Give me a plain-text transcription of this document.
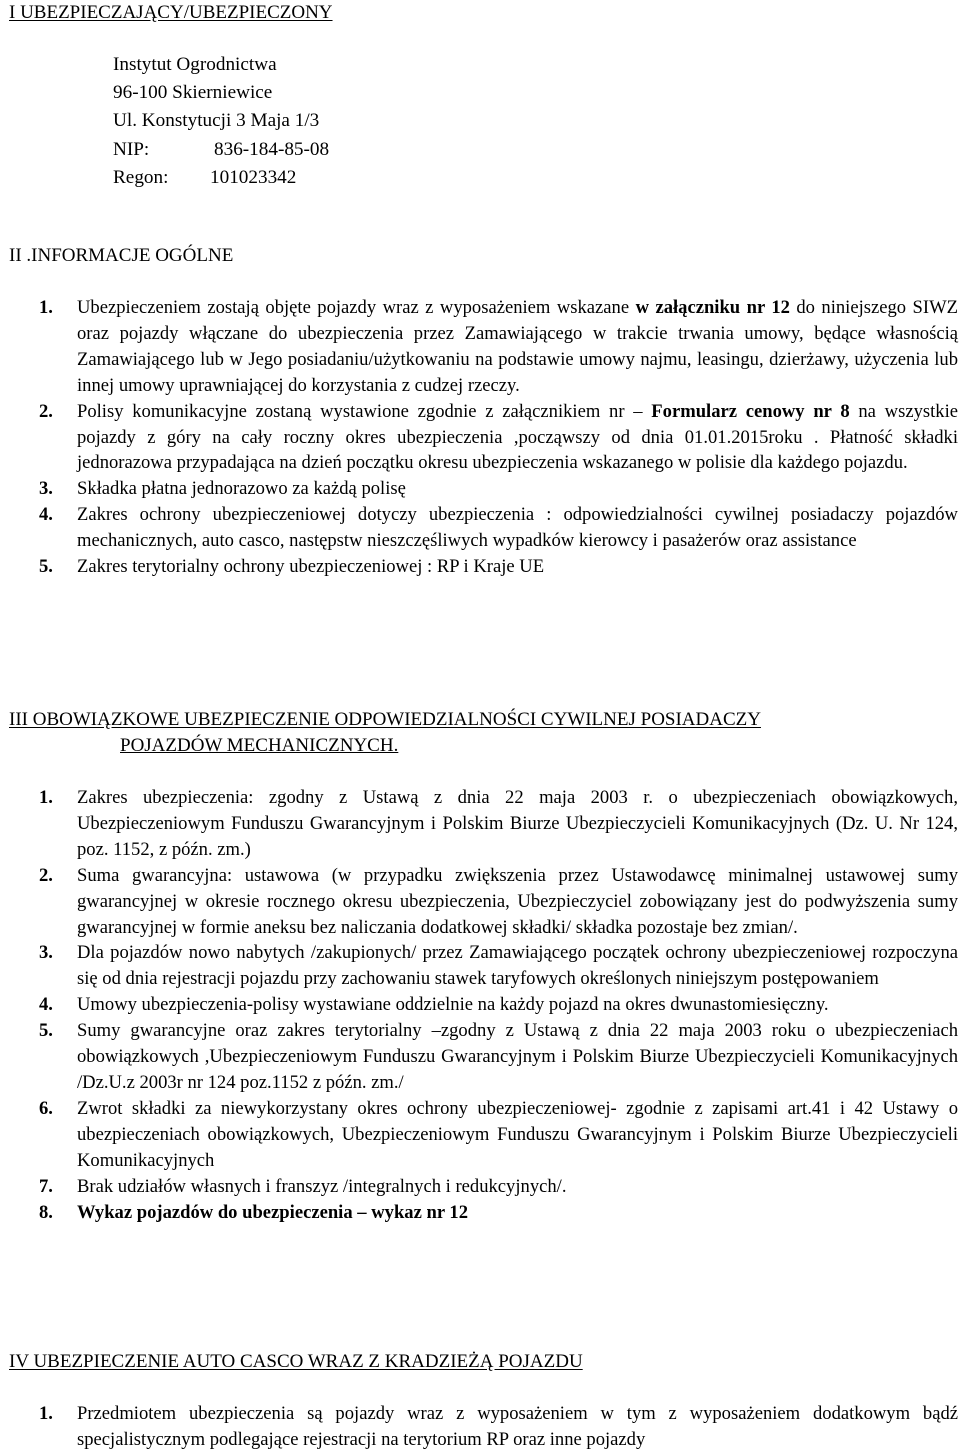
I UBEZPIECZAJĄCY/UBEZPIECZONY
Instytut Ogrodnictwa
96-100 Skierniewice
Ul. Konstytucji 3 Maja 1/3
NIP:	836-184-85-08
Regon: 101023342
II .INFORMACJE OGÓLNE
1. Ubezpieczeniem zostają objęte pojazdy wraz z wyposażeniem wskazane w załączniku nr 12 do niniejszego SIWZ oraz pojazdy włączane do ubezpieczenia przez Zamawiającego w trakcie trwania umowy, będące własnością Zamawiającego lub w Jego posiadaniu/użytkowaniu na podstawie umowy najmu, leasingu, dzierżawy, użyczenia lub innej umowy uprawniającej do korzystania z cudzej rzeczy.
2. Polisy komunikacyjne zostaną wystawione zgodnie z załącznikiem nr – Formularz cenowy nr 8 na wszystkie pojazdy z góry na cały roczny okres ubezpieczenia ,począwszy od dnia 01.01.2015roku . Płatność składki jednorazowa przypadająca na dzień początku okresu ubezpieczenia wskazanego w polisie dla każdego pojazdu.
3. Składka płatna jednorazowo za każdą polisę
4. Zakres ochrony ubezpieczeniowej dotyczy ubezpieczenia : odpowiedzialności cywilnej posiadaczy pojazdów mechanicznych, auto casco, następstw nieszczęśliwych wypadków kierowcy i pasażerów oraz assistance
5. Zakres terytorialny ochrony ubezpieczeniowej : RP i Kraje UE
III OBOWIĄZKOWE UBEZPIECZENIE ODPOWIEDZIALNOŚCI CYWILNEJ POSIADACZY
POJAZDÓW MECHANICZNYCH.
1. Zakres ubezpieczenia: zgodny z Ustawą z dnia 22 maja 2003 r. o ubezpieczeniach obowiązkowych, Ubezpieczeniowym Funduszu Gwarancyjnym i Polskim Biurze Ubezpieczycieli Komunikacyjnych (Dz. U. Nr 124, poz. 1152, z późn. zm.)
2. Suma gwarancyjna: ustawowa (w przypadku zwiększenia przez Ustawodawcę minimalnej ustawowej sumy gwarancyjnej w okresie rocznego okresu ubezpieczenia, Ubezpieczyciel zobowiązany jest do podwyższenia sumy gwarancyjnej w formie aneksu bez naliczania dodatkowej składki/ składka pozostaje bez zmian/.
3. Dla pojazdów nowo nabytych /zakupionych/ przez Zamawiającego początek ochrony ubezpieczeniowej rozpoczyna się od dnia rejestracji pojazdu przy zachowaniu stawek taryfowych określonych niniejszym postępowaniem
4. Umowy ubezpieczenia-polisy wystawiane oddzielnie na każdy pojazd na okres dwunastomiesięczny.
5. Sumy gwarancyjne oraz zakres terytorialny –zgodny z Ustawą z dnia 22 maja 2003 roku o ubezpieczeniach obowiązkowych ,Ubezpieczeniowym Funduszu Gwarancyjnym i Polskim Biurze Ubezpieczycieli Komunikacyjnych /Dz.U.z 2003r nr 124 poz.1152 z późn. zm./
6. Zwrot składki za niewykorzystany okres ochrony ubezpieczeniowej- zgodnie z zapisami art.41 i 42 Ustawy o ubezpieczeniach obowiązkowych, Ubezpieczeniowym Funduszu Gwarancyjnym i Polskim Biurze Ubezpieczycieli Komunikacyjnych
7. Brak udziałów własnych i franszyz /integralnych i redukcyjnych/.
8. Wykaz pojazdów do ubezpieczenia – wykaz nr 12
IV UBEZPIECZENIE AUTO CASCO WRAZ Z KRADZIEŻĄ POJAZDU
1. Przedmiotem ubezpieczenia są pojazdy wraz z wyposażeniem w tym z wyposażeniem dodatkowym bądź specjalistycznym podlegające rejestracji na terytorium RP oraz inne pojazdy
